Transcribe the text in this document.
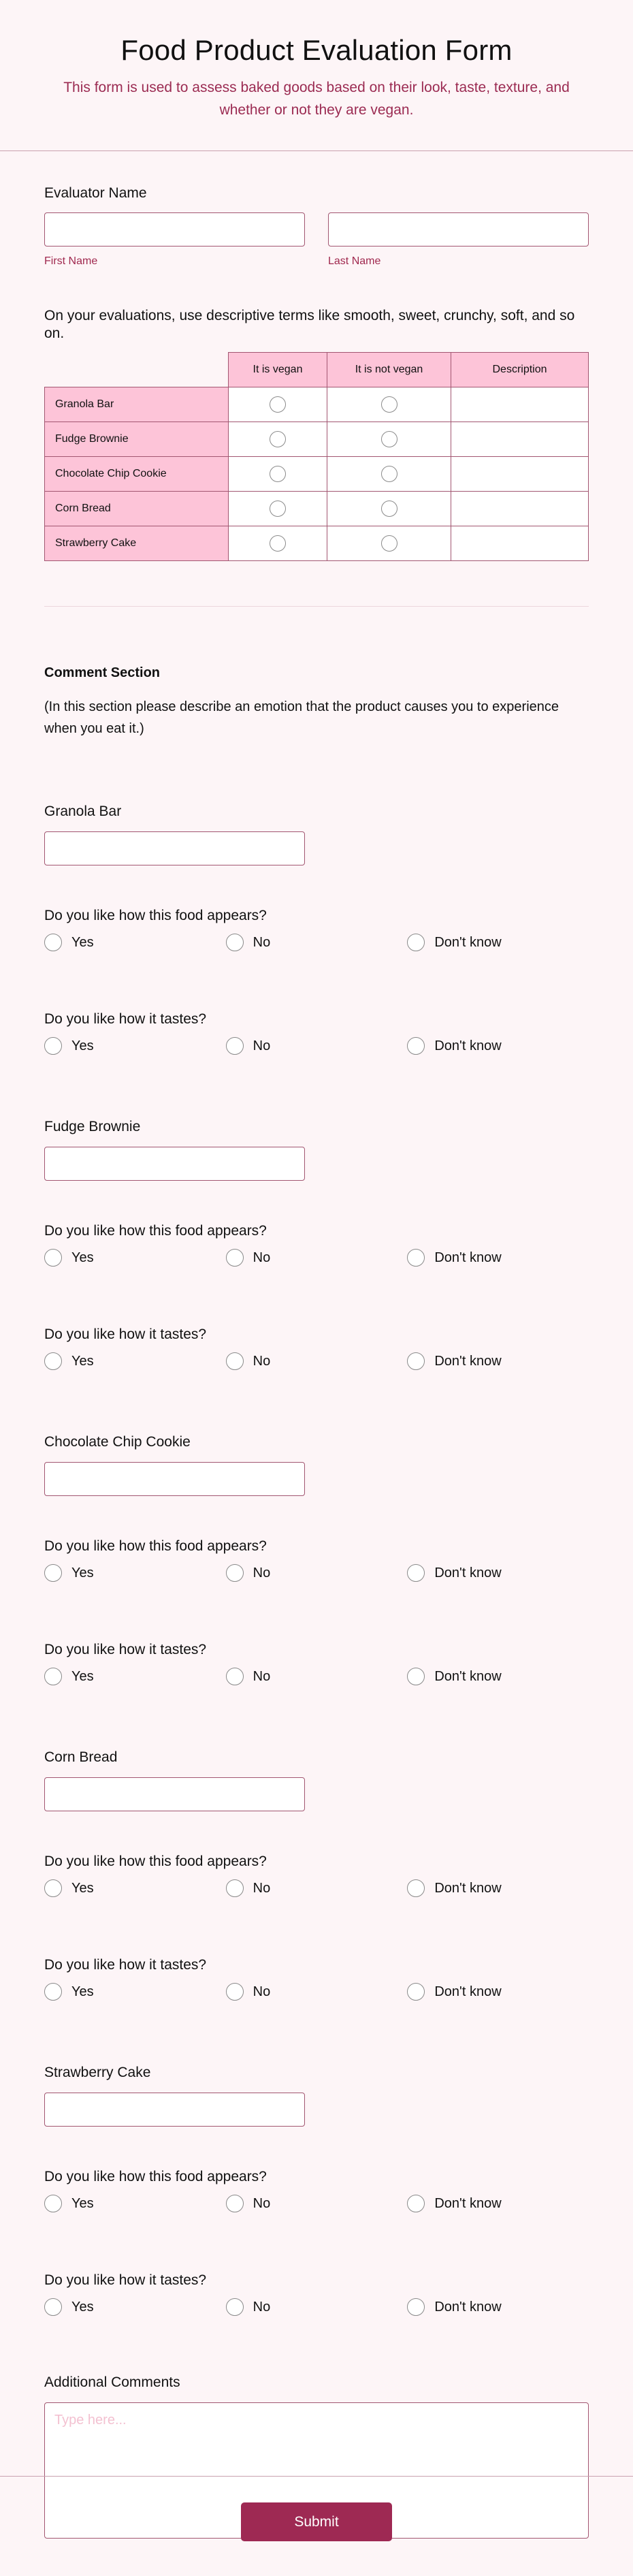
Food Product Evaluation Form

This form is used to assess baked goods based on their look, taste, texture, and whether or not they are vegan.

Evaluator Name
First Name	Last Name
On your evaluations, use descriptive terms like smooth, sweet, crunchy, soft, and so on.
	It is vegan	It is not vegan	Description
Granola Bar			
Fudge Brownie			
Chocolate Chip Cookie			
Corn Bread			
Strawberry Cake			
Comment Section
(In this section please describe an emotion that the product causes you to experience when you eat it.)
Granola Bar
Do you like how this food appears?
Yes	No	Don't know
Do you like how it tastes?
Yes	No	Don't know
Fudge Brownie
Do you like how this food appears?
Yes	No	Don't know
Do you like how it tastes?
Yes	No	Don't know
Chocolate Chip Cookie
Do you like how this food appears?
Yes	No	Don't know
Do you like how it tastes?
Yes	No	Don't know
Corn Bread
Do you like how this food appears?
Yes	No	Don't know
Do you like how it tastes?
Yes	No	Don't know
Strawberry Cake
Do you like how this food appears?
Yes	No	Don't know
Do you like how it tastes?
Yes	No	Don't know
Additional Comments
Type here...
Submit
